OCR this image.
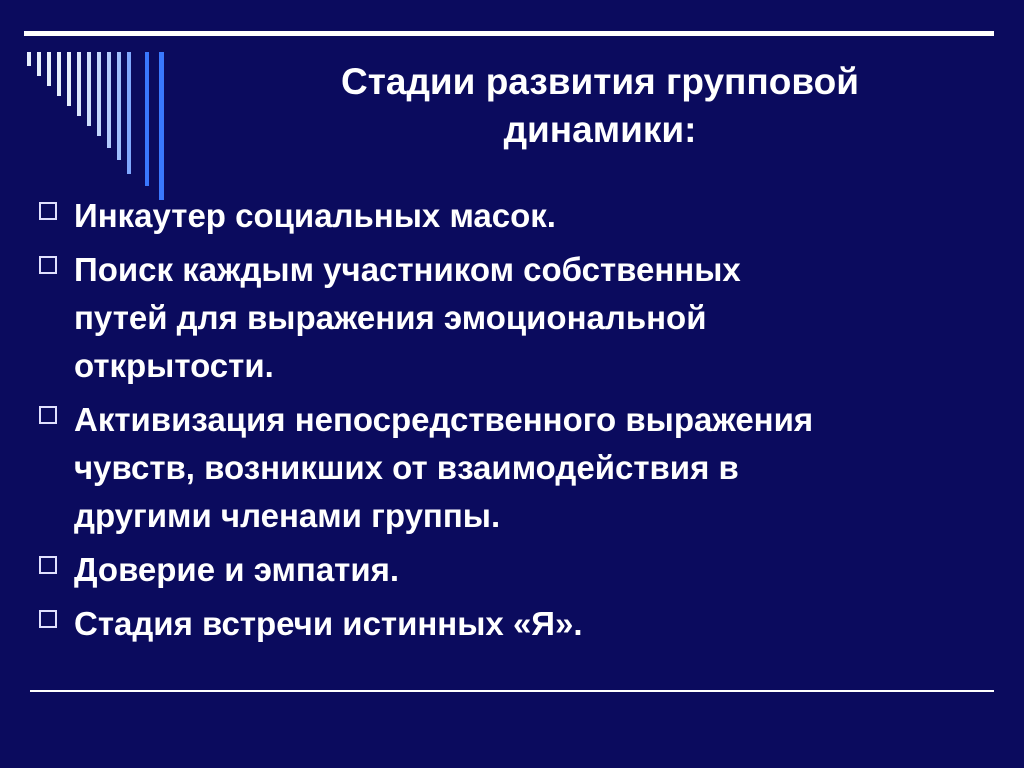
Стадии развития групповой
динамики:
Инкаутер социальных масок.
Поиск каждым участником собственных
путей для выражения эмоциональной
открытости.
Активизация непосредственного выражения
чувств, возникших от взаимодействия в
другими членами группы.
Доверие и эмпатия.
Стадия встречи истинных «Я».
